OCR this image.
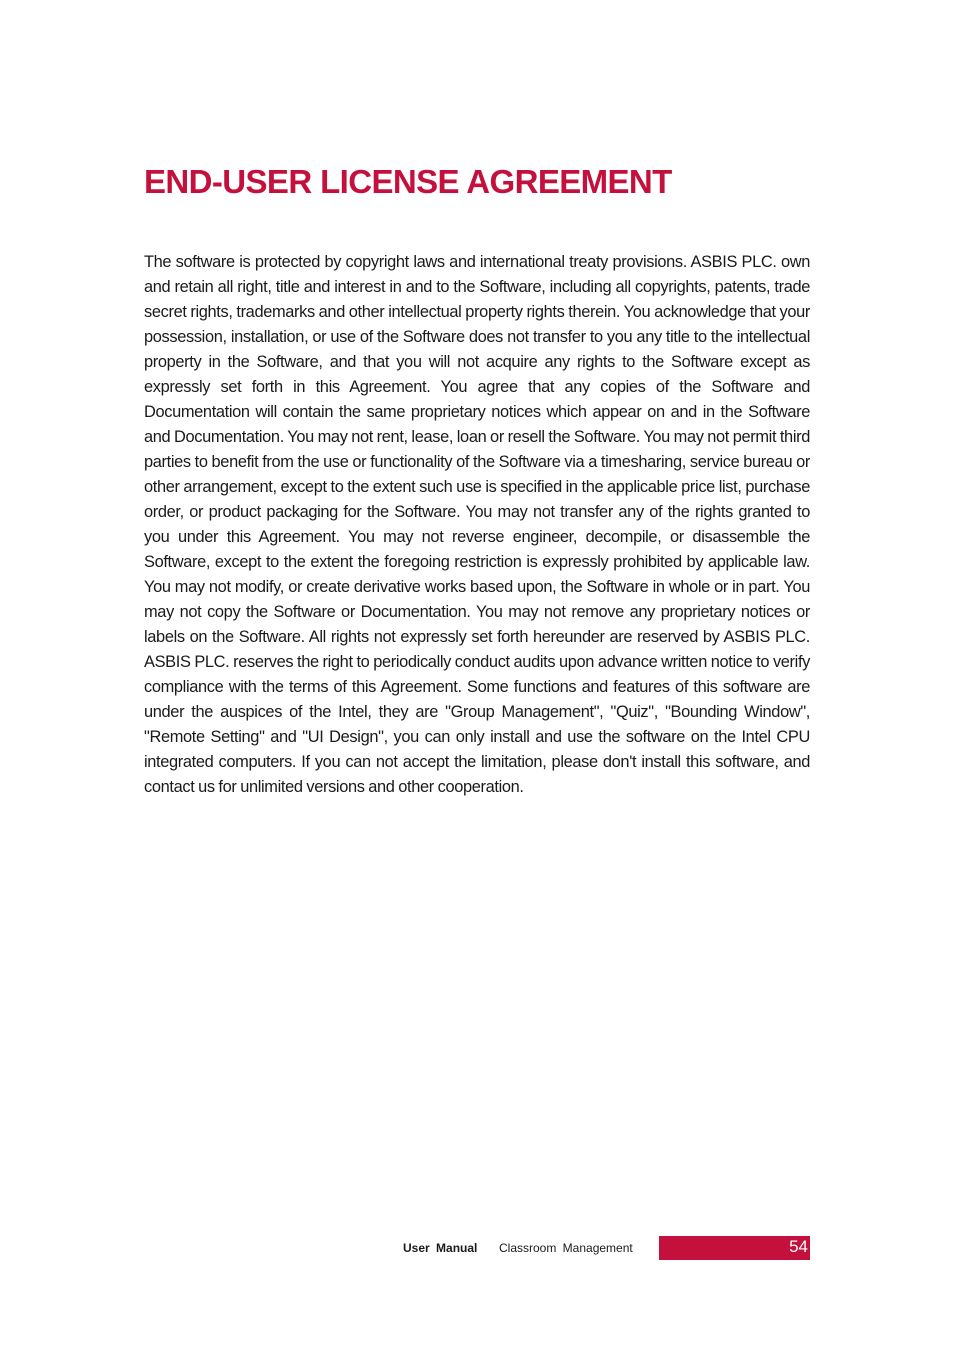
END-USER LICENSE AGREEMENT

The software is protected by copyright laws and international treaty provisions. ASBIS PLC. own and retain all right, title and interest in and to the Software, including all copyrights, patents, trade secret rights, trademarks and other intellectual property rights therein. You acknowledge that your possession, installation, or use of the Software does not transfer to you any title to the intellectual property in the Software, and that you will not acquire any rights to the Software except as expressly set forth in this Agreement. You agree that any copies of the Software and Documentation will contain the same proprietary notices which appear on and in the Software and Documentation. You may not rent, lease, loan or resell the Software. You may not permit third parties to benefit from the use or functionality of the Software via a timesharing, service bureau or other arrangement, except to the extent such use is specified in the applicable price list, purchase order, or product packaging for the Software. You may not transfer any of the rights granted to you under this Agreement. You may not reverse engineer, decompile, or disassemble the Software, except to the extent the foregoing restriction is expressly prohibited by applicable law. You may not modify, or create derivative works based upon, the Software in whole or in part. You may not copy the Software or Documentation. You may not remove any proprietary notices or labels on the Software. All rights not expressly set forth hereunder are reserved by ASBIS PLC. ASBIS PLC. reserves the right to periodically conduct audits upon advance written notice to verify compliance with the terms of this Agreement. Some functions and features of this software are under the auspices of the Intel, they are "Group Management", "Quiz", "Bounding Window", "Remote Setting" and "UI Design", you can only install and use the software on the Intel CPU integrated computers. If you can not accept the limitation, please don't install this software, and contact us for unlimited versions and other cooperation.

User Manual Classroom Management	54
